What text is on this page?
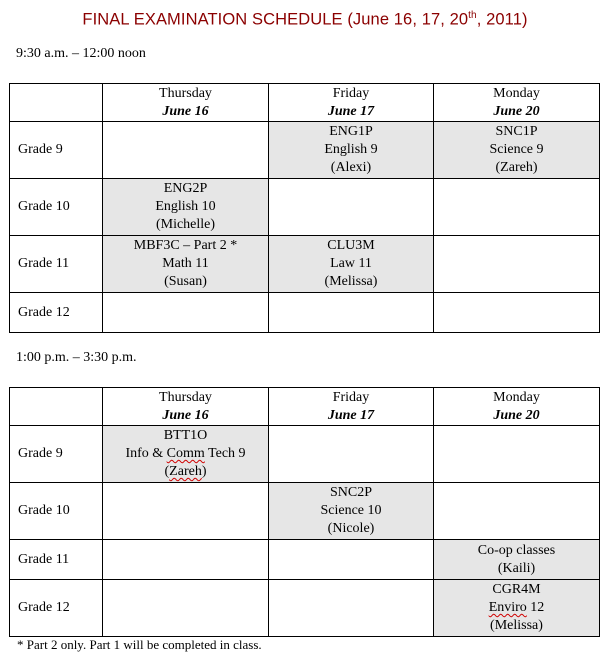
FINAL EXAMINATION SCHEDULE (June 16, 17, 20th, 2011)
9:30 a.m. – 12:00 noon

	Thursday
June 16	Friday
June 17	Monday
June 20

Grade 9		ENG1P
English 9
(Alexi)	SNC1P
Science 9
(Zareh)

Grade 10	ENG2P
English 10
(Michelle)		

Grade 11	MBF3C – Part 2 *
Math 11
(Susan)	CLU3M
Law 11
(Melissa)	

Grade 12			
1:00 p.m. – 3:30 p.m.

	Thursday
June 16	Friday
June 17	Monday
June 20

Grade 9	BTT1O
Info & Comm Tech 9
(Zareh)		

Grade 10		SNC2P
Science 10
(Nicole)	

Grade 11			Co-op classes
(Kaili)

Grade 12			CGR4M
Enviro 12
(Melissa)
* Part 2 only. Part 1 will be completed in class.
